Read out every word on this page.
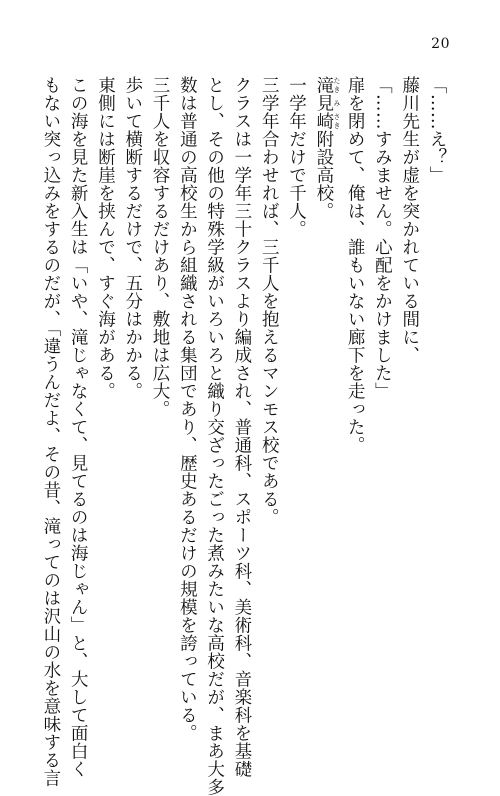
20
「……え？」
藤川先生が虚を突かれている間に、
「……すみません。心配をかけました」
扉を閉めて、俺は、誰もいない廊下を走った。
滝 たき見 み崎 さき附設高校。
一学年だけで千人。
三学年合わせれば、三千人を抱えるマンモス校である。
クラスは一学年三十クラスより編成され、普通科、スポーツ科、美術科、音楽科を基礎
とし、その他の特殊学級がいろいろと織り交ざったごった煮みたいな高校だが、まあ大多
数は普通の高校生から組織される集団であり、歴史あるだけの規模を誇っている。
三千人を収容するだけあり、敷地は広大。
歩いて横断するだけで、五分はかかる。
東側には断崖を挟んで、すぐ海がある。
この海を見た新入生は「いや、滝じゃなくて、見てるのは海じゃん」と、大して面白く
もない突っ込みをするのだが、「違うんだよ、その昔、滝ってのは沢山の水を意味する言
